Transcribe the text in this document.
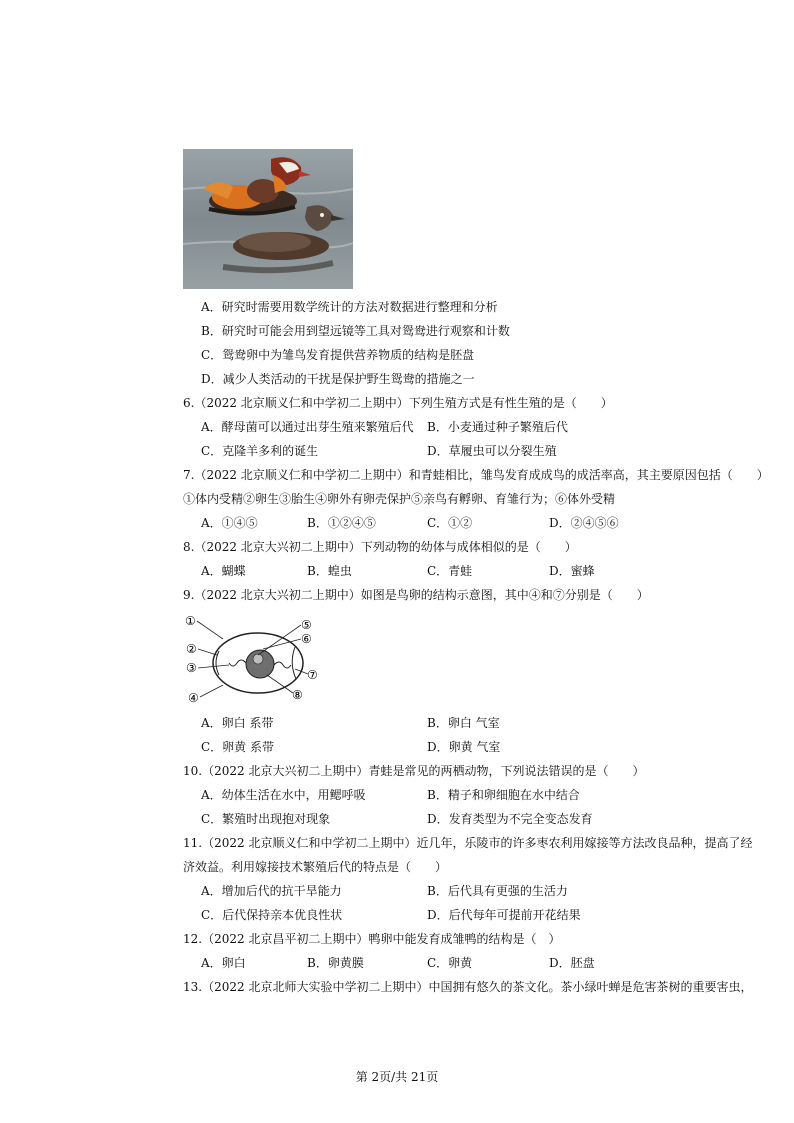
A．研究时需要用数学统计的方法对数据进行整理和分析
B．研究时可能会用到望远镜等工具对鸳鸯进行观察和计数
C．鸳鸯卵中为雏鸟发育提供营养物质的结构是胚盘
D．减少人类活动的干扰是保护野生鸳鸯的措施之一
6.（2022 北京顺义仁和中学初二上期中）下列生殖方式是有性生殖的是（　　）
A．酵母菌可以通过出芽生殖来繁殖后代 B．小麦通过种子繁殖后代
C．克隆羊多利的诞生	D．草履虫可以分裂生殖
7.（2022 北京顺义仁和中学初二上期中）和青蛙相比，雏鸟发育成成鸟的成活率高，其主要原因包括（　　）
①体内受精②卵生③胎生④卵外有卵壳保护⑤亲鸟有孵卵、育雏行为；⑥体外受精
A．①④⑤	B．①②④⑤	C．①②	D．②④⑤⑥
8.（2022 北京大兴初二上期中）下列动物的幼体与成体相似的是（　　）
A．蝴蝶	B．蝗虫	C．青蛙	D．蜜蜂
9.（2022 北京大兴初二上期中）如图是鸟卵的结构示意图，其中④和⑦分别是（　　）
①
②
③
④
⑤
⑥
⑦
⑧
A．卵白 系带	B．卵白 气室
C．卵黄 系带	D．卵黄 气室
10.（2022 北京大兴初二上期中）青蛙是常见的两栖动物，下列说法错误的是（　　）
A．幼体生活在水中，用鳃呼吸	B．精子和卵细胞在水中结合
C．繁殖时出现抱对现象	D．发育类型为不完全变态发育
11.（2022 北京顺义仁和中学初二上期中）近几年，乐陵市的许多枣农利用嫁接等方法改良品种，提高了经
济效益。利用嫁接技术繁殖后代的特点是（　　）
A．增加后代的抗干旱能力	B．后代具有更强的生活力
C．后代保持亲本优良性状	D．后代每年可提前开花结果
12.（2022 北京昌平初二上期中）鸭卵中能发育成雏鸭的结构是（　）
A．卵白	B．卵黄膜	C．卵黄	D．胚盘
13.（2022 北京北师大实验中学初二上期中）中国拥有悠久的茶文化。茶小绿叶蝉是危害茶树的重要害虫，
第 2页/共 21页
